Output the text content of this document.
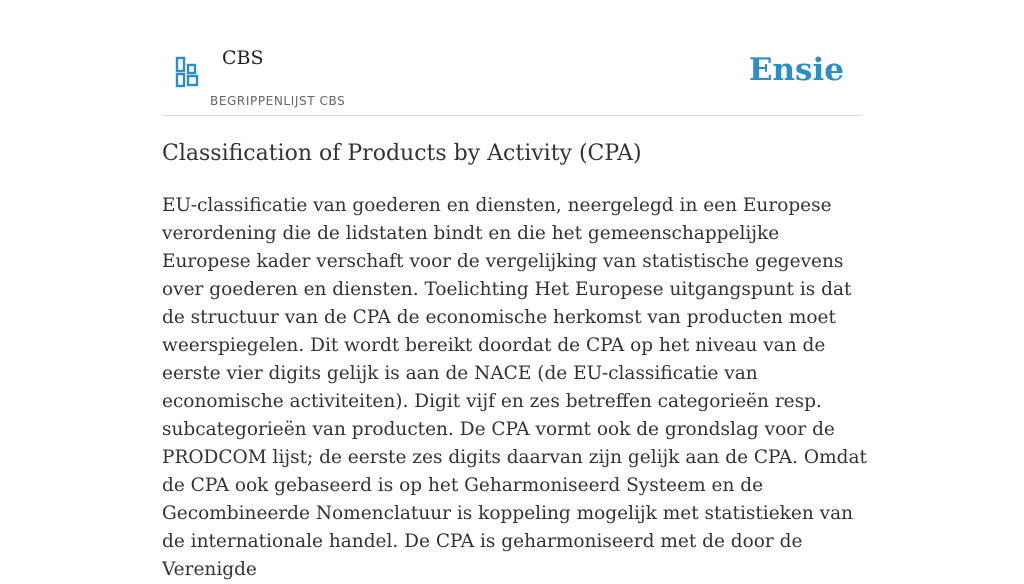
CBS
BEGRIPPENLIJST CBS
Ensie
Classification of Products by Activity (CPA)

EU-classificatie van goederen en diensten, neergelegd in een Europese verordening die de lidstaten bindt en die het gemeenschappelijke Europese kader verschaft voor de vergelijking van statistische gegevens over goederen en diensten. Toelichting Het Europese uitgangspunt is dat de structuur van de CPA de economische herkomst van producten moet weerspiegelen. Dit wordt bereikt doordat de CPA op het niveau van de eerste vier digits gelijk is aan de NACE (de EU-classificatie van economische activiteiten). Digit vijf en zes betreffen categorieën resp. subcategorieën van producten. De CPA vormt ook de grondslag voor de PRODCOM lijst; de eerste zes digits daarvan zijn gelijk aan de CPA. Omdat de CPA ook gebaseerd is op het Geharmoniseerd Systeem en de Gecombineerde Nomenclatuur is koppeling mogelijk met statistieken van de internationale handel. De CPA is geharmoniseerd met de door de Verenigde
